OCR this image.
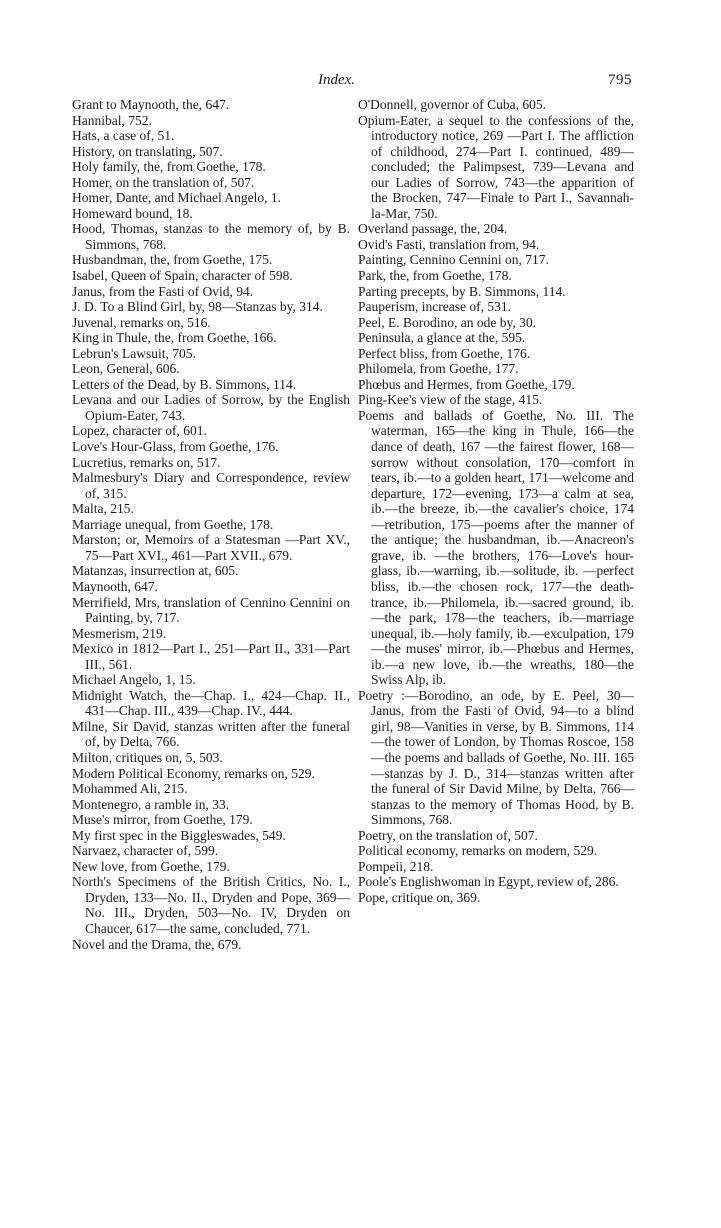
Index.	795

Grant to Maynooth, the, 647.

Hannibal, 752.

Hats, a case of, 51.

History, on translating, 507.

Holy family, the, from Goethe, 178.

Homer, on the translation of, 507.

Homer, Dante, and Michael Angelo, 1.

Homeward bound, 18.

Hood, Thomas, stanzas to the memory of, by B. Simmons, 768.

Husbandman, the, from Goethe, 175.

Isabel, Queen of Spain, character of 598.

Janus, from the Fasti of Ovid, 94.

J. D. To a Blind Girl, by, 98—Stanzas by, 314.

Juvenal, remarks on, 516.

King in Thule, the, from Goethe, 166.

Lebrun's Lawsuit, 705.

Leon, General, 606.

Letters of the Dead, by B. Simmons, 114.

Levana and our Ladies of Sorrow, by the English Opium-Eater, 743.

Lopez, character of, 601.

Love's Hour-Glass, from Goethe, 176.

Lucretius, remarks on, 517.

Malmesbury's Diary and Correspondence, review of, 315.

Malta, 215.

Marriage unequal, from Goethe, 178.

Marston; or, Memoirs of a Statesman —Part XV., 75—Part XVI., 461—Part XVII., 679.

Matanzas, insurrection at, 605.

Maynooth, 647.

Merrifield, Mrs, translation of Cennino Cennini on Painting, by, 717.

Mesmerism, 219.

Mexico in 1812—Part I., 251—Part II., 331—Part III., 561.

Michael Angelo, 1, 15.

Midnight Watch, the—Chap. I., 424—Chap. II., 431—Chap. III., 439—Chap. IV., 444.

Milne, Sir David, stanzas written after the funeral of, by Delta, 766.

Milton, critiques on, 5, 503.

Modern Political Economy, remarks on, 529.

Mohammed Ali, 215.

Montenegro, a ramble in, 33.

Muse's mirror, from Goethe, 179.

My first spec in the Biggleswades, 549.

Narvaez, character of, 599.

New love, from Goethe, 179.

North's Specimens of the British Critics, No. I., Dryden, 133—No. II., Dryden and Pope, 369—No. III., Dryden, 503—No. IV, Dryden on Chaucer, 617—the same, concluded, 771.

Novel and the Drama, the, 679.

O'Donnell, governor of Cuba, 605.

Opium-Eater, a sequel to the confessions of the, introductory notice, 269 —Part I. The affliction of childhood, 274—Part I. continued, 489—concluded; the Palimpsest, 739—Levana and our Ladies of Sorrow, 743—the apparition of the Brocken, 747—Finale to Part I., Savannah-la-Mar, 750.

Overland passage, the, 204.

Ovid's Fasti, translation from, 94.

Painting, Cennino Cennini on, 717.

Park, the, from Goethe, 178.

Parting precepts, by B. Simmons, 114.

Pauperism, increase of, 531.

Peel, E. Borodino, an ode by, 30.

Peninsula, a glance at the, 595.

Perfect bliss, from Goethe, 176.

Philomela, from Goethe, 177.

Phœbus and Hermes, from Goethe, 179.

Ping-Kee's view of the stage, 415.

Poems and ballads of Goethe, No. III. The waterman, 165—the king in Thule, 166—the dance of death, 167 —the fairest flower, 168—sorrow without consolation, 170—comfort in tears, ib.—to a golden heart, 171—welcome and departure, 172—evening, 173—a calm at sea, ib.—the breeze, ib.—the cavalier's choice, 174—retribution, 175—poems after the manner of the antique; the husbandman, ib.—Anacreon's grave, ib. —the brothers, 176—Love's hour-glass, ib.—warning, ib.—solitude, ib. —perfect bliss, ib.—the chosen rock, 177—the death-trance, ib.—Philomela, ib.—sacred ground, ib.—the park, 178—the teachers, ib.—marriage unequal, ib.—holy family, ib.—exculpation, 179—the muses' mirror, ib.—Phœbus and Hermes, ib.—a new love, ib.—the wreaths, 180—the Swiss Alp, ib.

Poetry :—Borodino, an ode, by E. Peel, 30—Janus, from the Fasti of Ovid, 94—to a blind girl, 98—Vanities in verse, by B. Simmons, 114—the tower of London, by Thomas Roscoe, 158—the poems and ballads of Goethe, No. III. 165—stanzas by J. D., 314—stanzas written after the funeral of Sir David Milne, by Delta, 766—stanzas to the memory of Thomas Hood, by B. Simmons, 768.

Poetry, on the translation of, 507.

Political economy, remarks on modern, 529.

Pompeii, 218.

Poole's Englishwoman in Egypt, review of, 286.

Pope, critique on, 369.
